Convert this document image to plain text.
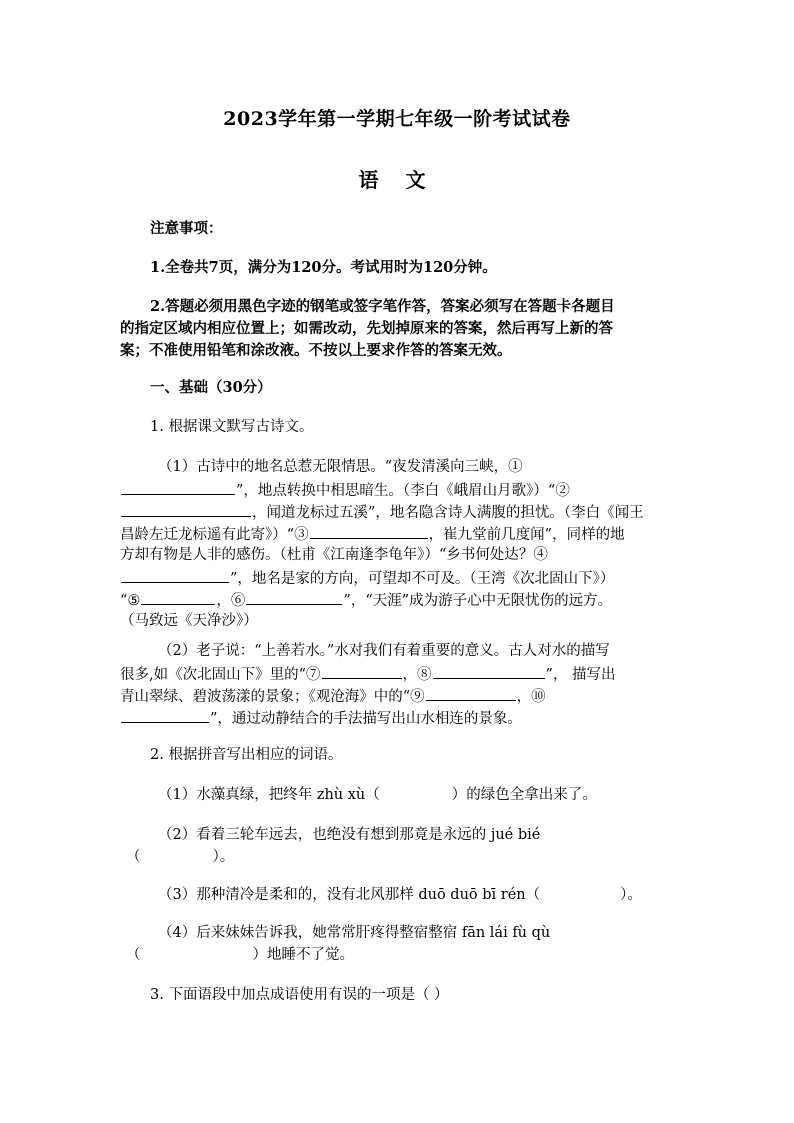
2023学年第一学期七年级一阶考试试卷
语 文
注意事项：
1.全卷共7页，满分为120分。考试用时为120分钟。
2.答题必须用黑色字迹的钢笔或签字笔作答，答案必须写在答题卡各题目
的指定区域内相应位置上；如需改动，先划掉原来的答案，然后再写上新的答
案；不准使用铅笔和涂改液。不按以上要求作答的答案无效。
一、基础（30分）
1. 根据课文默写古诗文。
（1）古诗中的地名总惹无限情思。“夜发清溪向三峡，①
”，地点转换中相思暗生。（李白《峨眉山月歌》）“②
，闻道龙标过五溪”，地名隐含诗人满腹的担忧。（李白《闻王
昌龄左迁龙标遥有此寄》）“③	，崔九堂前几度闻”，同样的地
方却有物是人非的感伤。（杜甫《江南逢李龟年》）“乡书何处达？④
”，地名是家的方向，可望却不可及。（王湾《次北固山下》）
“⑤	，⑥	”，“天涯”成为游子心中无限忧伤的远方。
（马致远《天净沙》）
（2）老子说：“上善若水。”水对我们有着重要的意义。古人对水的描写
很多,如《次北固山下》里的“⑦	，⑧	”， 描写出
青山翠绿、碧波荡漾的景象；《观沧海》中的“⑨	，⑩
”，通过动静结合的手法描写出山水相连的景象。
2. 根据拼音写出相应的词语。
（1）水藻真绿，把终年 zhù xù（	）的绿色全拿出来了。
（2）看着三轮车远去，也绝没有想到那竟是永远的 jué bié
（	）。
（3）那种清冷是柔和的，没有北风那样 duō duō bī rén（	）。
（4）后来妹妹告诉我，她常常肝疼得整宿整宿 fān lái fù qù
（	）地睡不了觉。
3. 下面语段中加点成语使用有误的一项是（ ）
